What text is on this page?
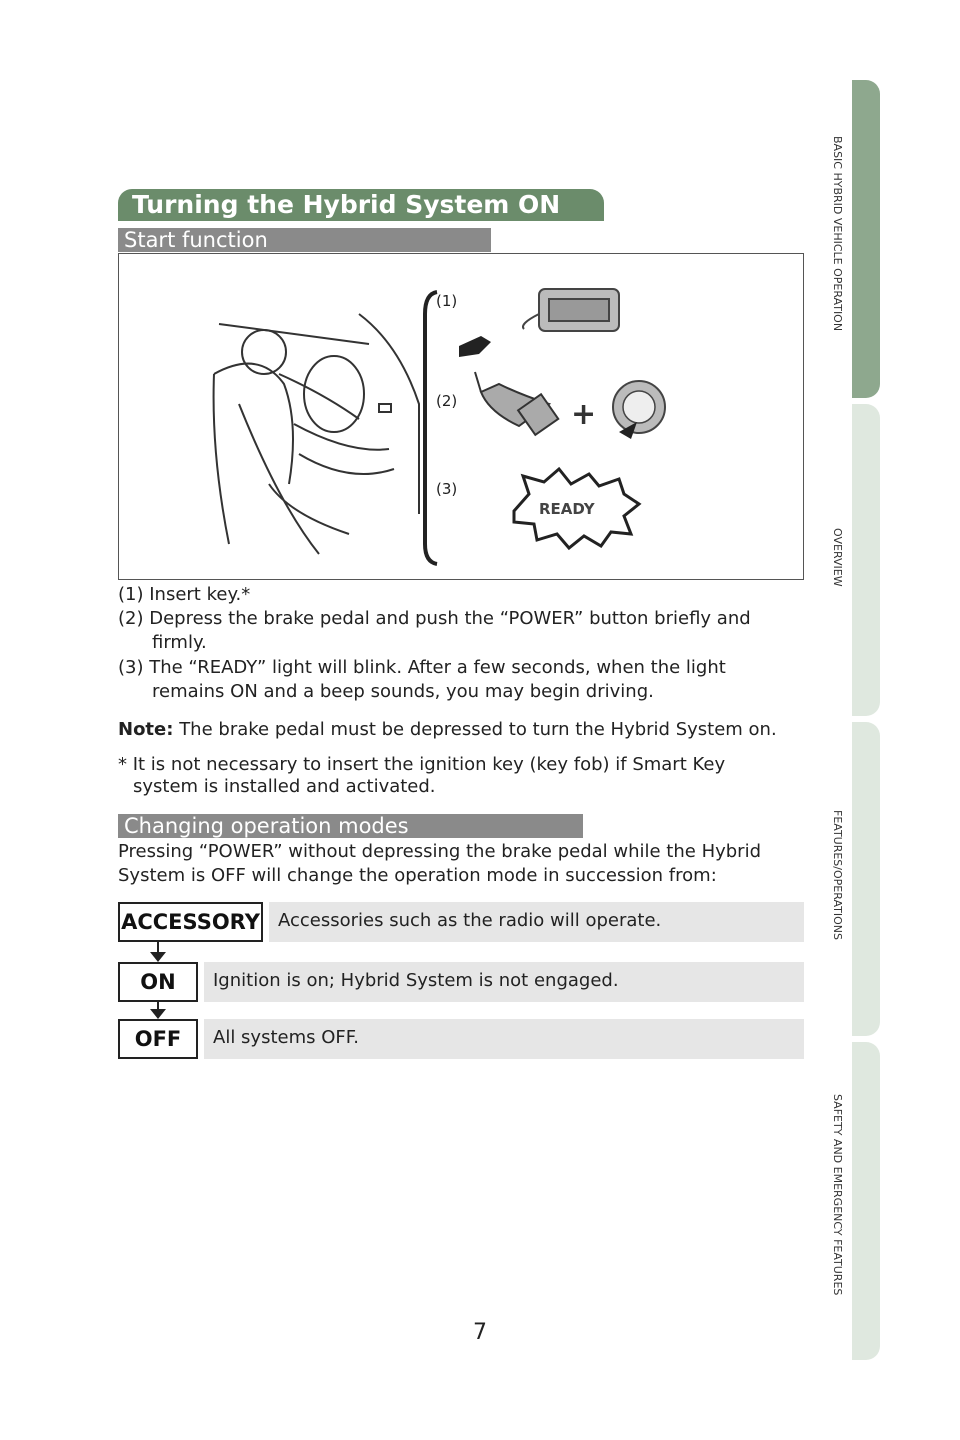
Turning the Hybrid System ON
Start function
+
(1)
(2)
(3)
READY
(1) Insert key.*
(2) Depress the brake pedal and push the “POWER” button briefly and
firmly.
(3) The “READY” light will blink. After a few seconds, when the light
remains ON and a beep sounds, you may begin driving.
Note: The brake pedal must be depressed to turn the Hybrid System on.
* It is not necessary to insert the ignition key (key fob) if Smart Key
system is installed and activated.
Changing operation modes
Pressing “POWER” without depressing the brake pedal while the Hybrid
System is OFF will change the operation mode in succession from:
ACCESSORY	Accessories such as the radio will operate.
ON	Ignition is on; Hybrid System is not engaged.
OFF	All systems OFF.
BASIC HYBRID VEHICLE OPERATION
OVERVIEW
FEATURES/OPERATIONS
SAFETY AND EMERGENCY FEATURES
7
